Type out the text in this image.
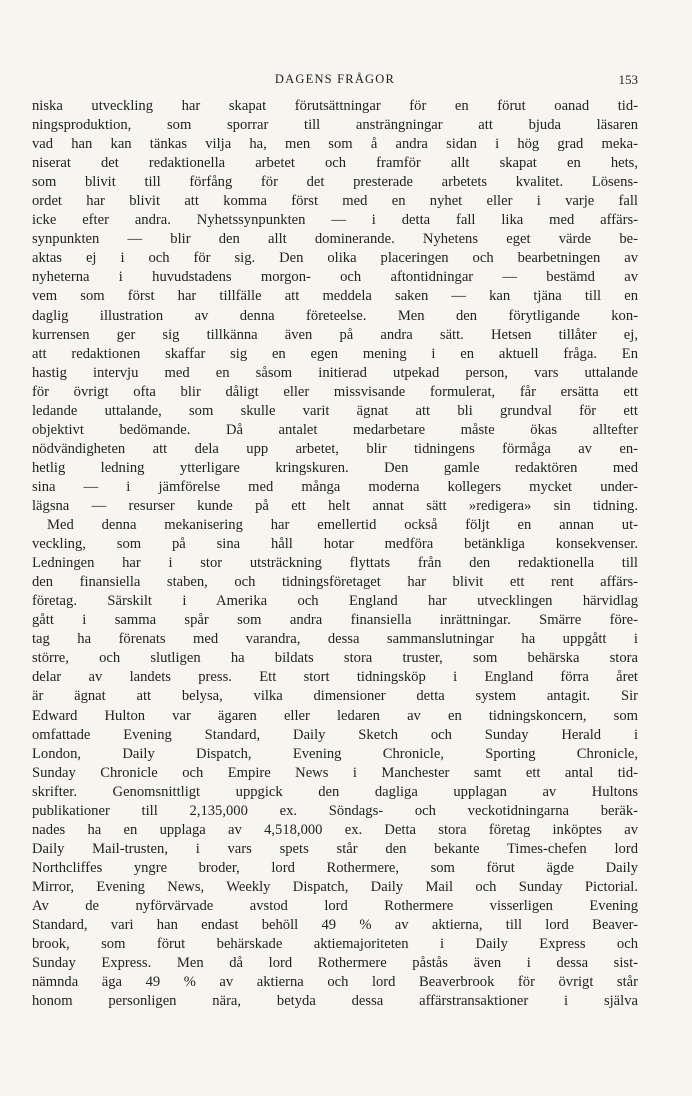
DAGENS FRÅGOR	153
niska utveckling har skapat förutsättningar för en förut oanad tid-
ningsproduktion, som sporrar till ansträngningar att bjuda läsaren
vad han kan tänkas vilja ha, men som å andra sidan i hög grad meka-
niserat det redaktionella arbetet och framför allt skapat en hets,
som blivit till förfång för det presterade arbetets kvalitet. Lösens-
ordet har blivit att komma först med en nyhet eller i varje fall
icke efter andra. Nyhetssynpunkten — i detta fall lika med affärs-
synpunkten — blir den allt dominerande. Nyhetens eget värde be-
aktas ej i och för sig. Den olika placeringen och bearbetningen av
nyheterna i huvudstadens morgon- och aftontidningar — bestämd av
vem som först har tillfälle att meddela saken — kan tjäna till en
daglig illustration av denna företeelse. Men den förytligande kon-
kurrensen ger sig tillkänna även på andra sätt. Hetsen tillåter ej,
att redaktionen skaffar sig en egen mening i en aktuell fråga. En
hastig intervju med en såsom initierad utpekad person, vars uttalande
för övrigt ofta blir dåligt eller missvisande formulerat, får ersätta ett
ledande uttalande, som skulle varit ägnat att bli grundval för ett
objektivt bedömande. Då antalet medarbetare måste ökas alltefter
nödvändigheten att dela upp arbetet, blir tidningens förmåga av en-
hetlig ledning ytterligare kringskuren. Den gamle redaktören med
sina — i jämförelse med många moderna kollegers mycket under-
lägsna — resurser kunde på ett helt annat sätt »redigera» sin tidning.
Med denna mekanisering har emellertid också följt en annan ut-
veckling, som på sina håll hotar medföra betänkliga konsekvenser.
Ledningen har i stor utsträckning flyttats från den redaktionella till
den finansiella staben, och tidningsföretaget har blivit ett rent affärs-
företag. Särskilt i Amerika och England har utvecklingen härvidlag
gått i samma spår som andra finansiella inrättningar. Smärre före-
tag ha förenats med varandra, dessa sammanslutningar ha uppgått i
större, och slutligen ha bildats stora truster, som behärska stora
delar av landets press. Ett stort tidningsköp i England förra året
är ägnat att belysa, vilka dimensioner detta system antagit. Sir
Edward Hulton var ägaren eller ledaren av en tidningskoncern, som
omfattade Evening Standard, Daily Sketch och Sunday Herald i
London, Daily Dispatch, Evening Chronicle, Sporting Chronicle,
Sunday Chronicle och Empire News i Manchester samt ett antal tid-
skrifter. Genomsnittligt uppgick den dagliga upplagan av Hultons
publikationer till 2,135,000 ex. Söndags- och veckotidningarna beräk-
nades ha en upplaga av 4,518,000 ex. Detta stora företag inköptes av
Daily Mail-trusten, i vars spets står den bekante Times-chefen lord
Northcliffes yngre broder, lord Rothermere, som förut ägde Daily
Mirror, Evening News, Weekly Dispatch, Daily Mail och Sunday Pictorial.
Av de nyförvärvade avstod lord Rothermere visserligen Evening
Standard, vari han endast behöll 49 % av aktierna, till lord Beaver-
brook, som förut behärskade aktiemajoriteten i Daily Express och
Sunday Express. Men då lord Rothermere påstås även i dessa sist-
nämnda äga 49 % av aktierna och lord Beaverbrook för övrigt står
honom personligen nära, betyda dessa affärstransaktioner i själva
